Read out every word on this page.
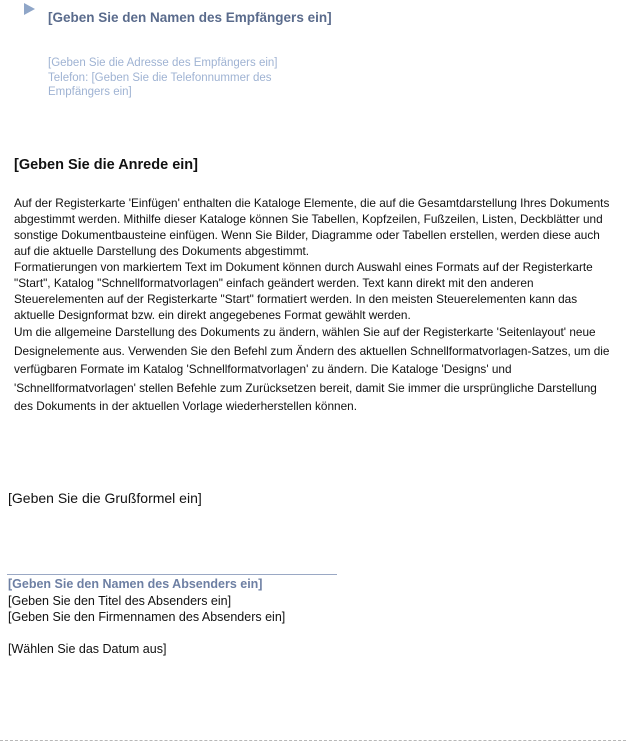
[Geben Sie den Namen des Empfängers ein]
[Geben Sie die Adresse des Empfängers ein]
Telefon: [Geben Sie die Telefonnummer des Empfängers ein]
[Geben Sie die Anrede ein]

Auf der Registerkarte 'Einfügen' enthalten die Kataloge Elemente, die auf die Gesamtdarstellung Ihres Dokuments abgestimmt werden. Mithilfe dieser Kataloge können Sie Tabellen, Kopfzeilen, Fußzeilen, Listen, Deckblätter und sonstige Dokumentbausteine einfügen. Wenn Sie Bilder, Diagramme oder Tabellen erstellen, werden diese auch auf die aktuelle Darstellung des Dokuments abgestimmt.

Formatierungen von markiertem Text im Dokument können durch Auswahl eines Formats auf der Registerkarte "Start", Katalog "Schnellformatvorlagen" einfach geändert werden. Text kann direkt mit den anderen Steuerelementen auf der Registerkarte "Start" formatiert werden. In den meisten Steuerelementen kann das aktuelle Designformat bzw. ein direkt angegebenes Format gewählt werden.

Um die allgemeine Darstellung des Dokuments zu ändern, wählen Sie auf der Registerkarte 'Seitenlayout' neue Designelemente aus. Verwenden Sie den Befehl zum Ändern des aktuellen Schnellformatvorlagen-Satzes, um die verfügbaren Formate im Katalog 'Schnellformatvorlagen' zu ändern. Die Kataloge 'Designs' und 'Schnellformatvorlagen' stellen Befehle zum Zurücksetzen bereit, damit Sie immer die ursprüngliche Darstellung des Dokuments in der aktuellen Vorlage wiederherstellen können.

[Geben Sie die Grußformel ein]
[Geben Sie den Namen des Absenders ein]
[Geben Sie den Titel des Absenders ein]
[Geben Sie den Firmennamen des Absenders ein]
[Wählen Sie das Datum aus]
